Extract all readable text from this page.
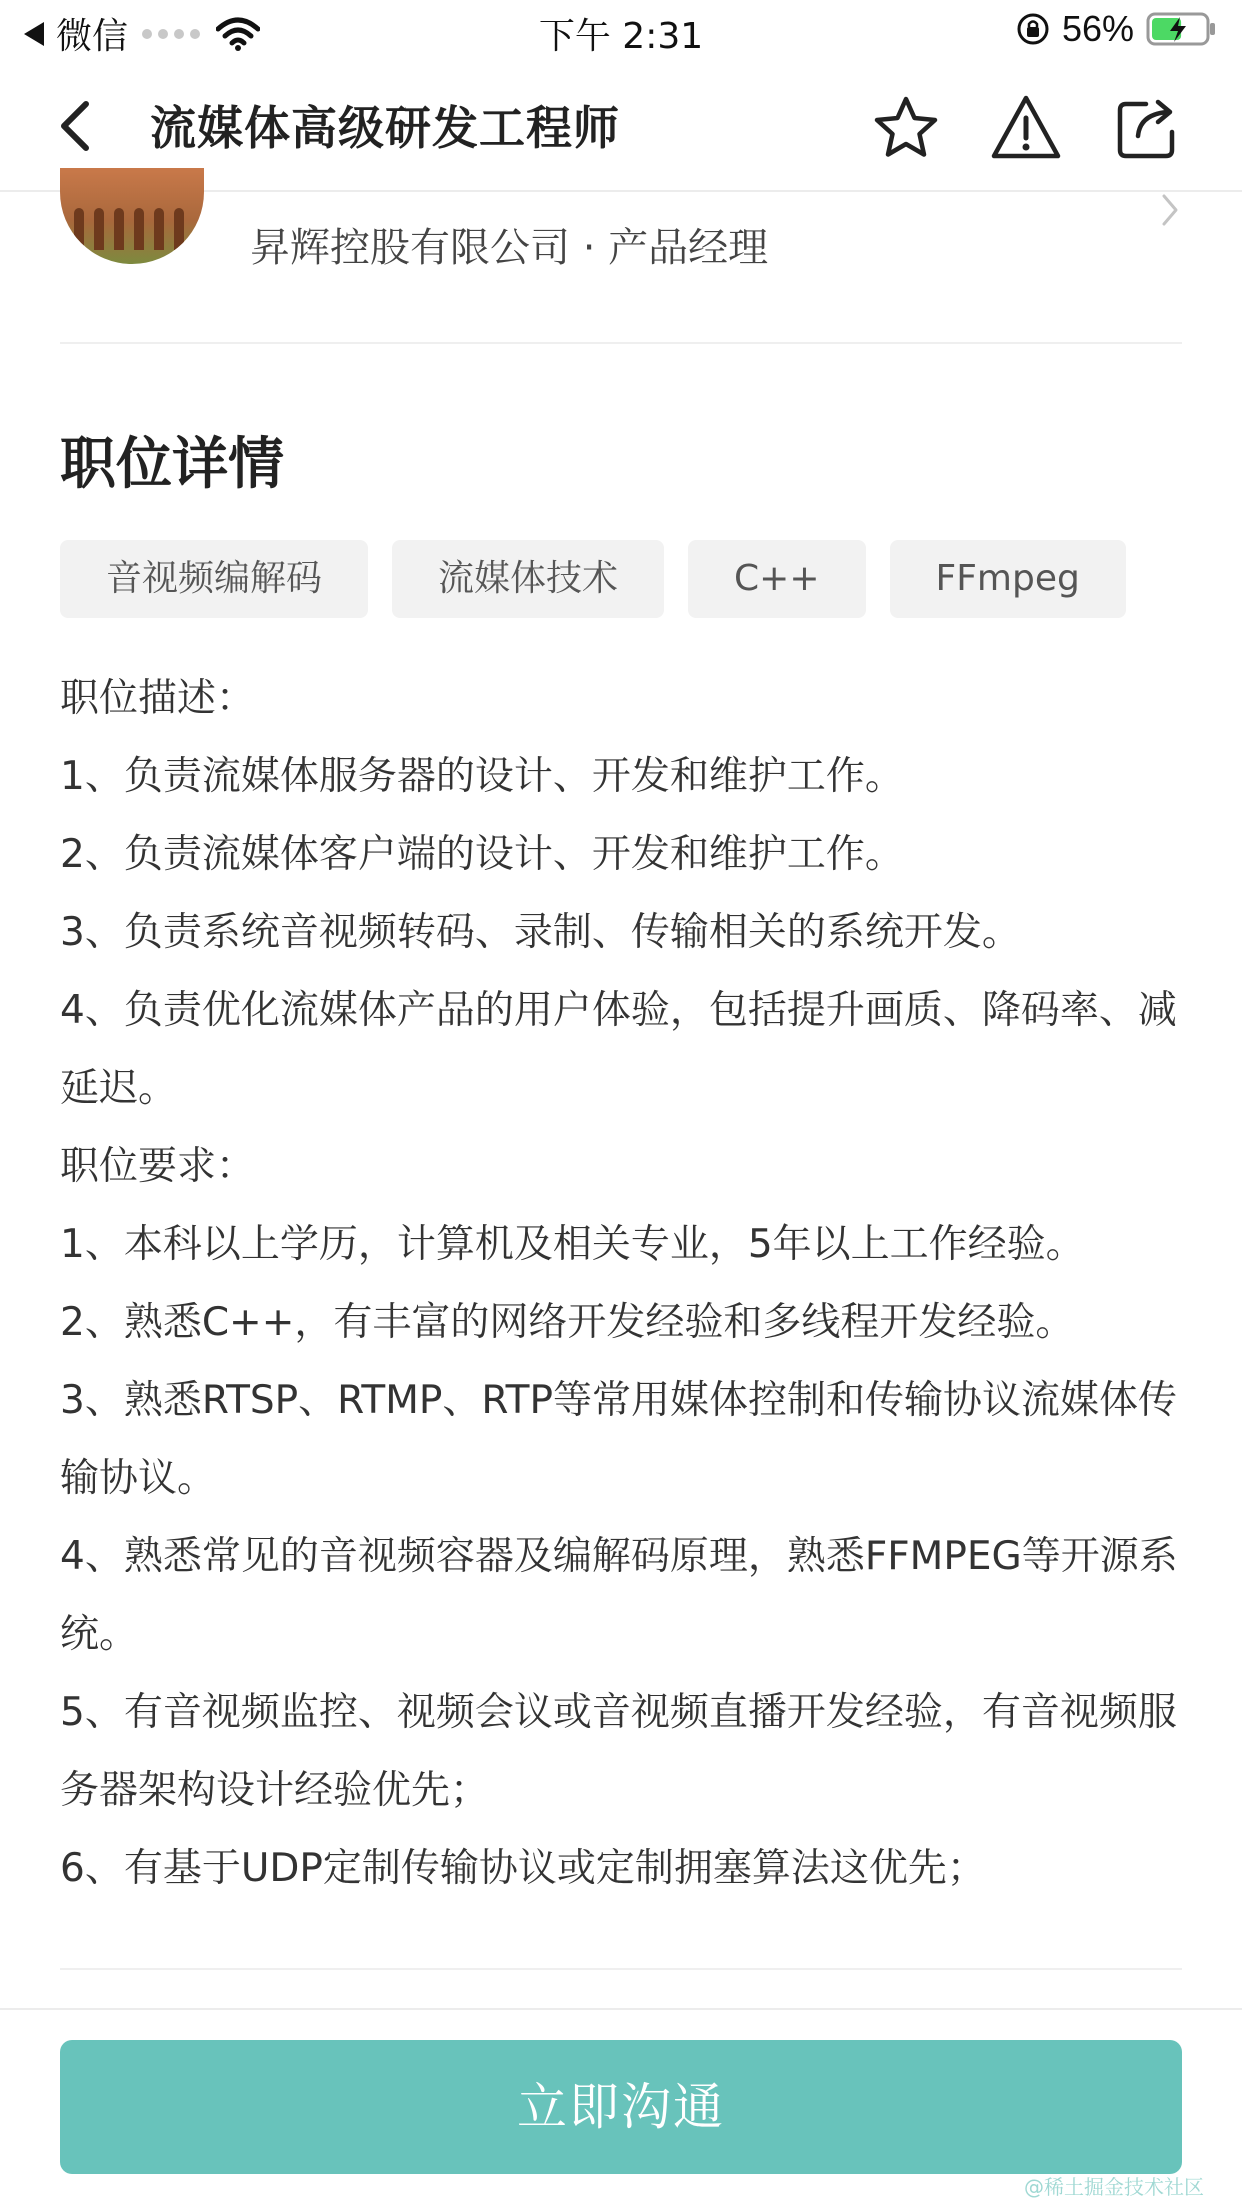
微信	下午 2:31	56%
流媒体高级研发工程师
昇辉控股有限公司 · 产品经理
职位详情
音视频编解码	流媒体技术	C++	FFmpeg

职位描述：

1、负责流媒体服务器的设计、开发和维护工作。

2、负责流媒体客户端的设计、开发和维护工作。

3、负责系统音视频转码、录制、传输相关的系统开发。

4、负责优化流媒体产品的用户体验，包括提升画质、降码率、减延迟。

职位要求：

1、本科以上学历，计算机及相关专业，5年以上工作经验。

2、熟悉C++，有丰富的网络开发经验和多线程开发经验。

3、熟悉RTSP、RTMP、RTP等常用媒体控制和传输协议流媒体传输协议。

4、熟悉常见的音视频容器及编解码原理，熟悉FFMPEG等开源系统。

5、有音视频监控、视频会议或音视频直播开发经验，有音视频服务器架构设计经验优先；

6、有基于UDP定制传输协议或定制拥塞算法这优先；

立即沟通
@稀土掘金技术社区
